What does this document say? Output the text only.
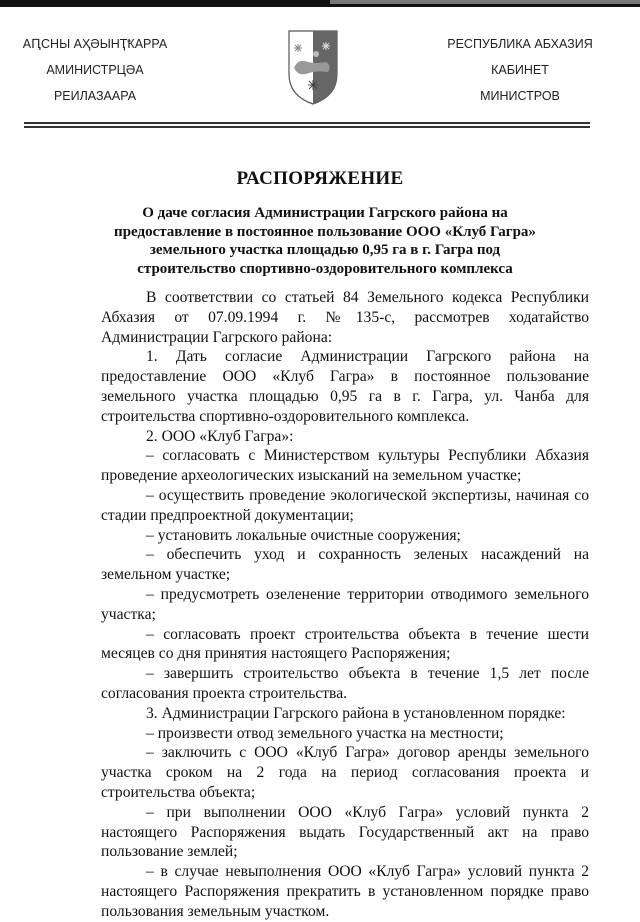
АԤСНЫ АҲӘЫНҬҞАРРА
АМИНИСТРЦӘА
РЕИЛАЗААРА
РЕСПУБЛИКА АБХАЗИЯ
КАБИНЕТ
МИНИСТРОВ
РАСПОРЯЖЕНИЕ
О даче согласия Администрации Гагрского района на предоставление в постоянное пользование ООО «Клуб Гагра» земельного участка площадью 0,95 га в г. Гагра под строительство спортивно-оздоровительного комплекса

В соответствии со статьей 84 Земельного кодекса Республики Абхазия от 07.09.1994 г. №135-с, рассмотрев ходатайство Администрации Гагрского района:

1. Дать согласие Администрации Гагрского района на предоставление ООО «Клуб Гагра» в постоянное пользование земельного участка площадью 0,95 га в г. Гагра, ул. Чанба для строительства спортивно-оздоровительного комплекса.

2. ООО «Клуб Гагра»:

– согласовать с Министерством культуры Республики Абхазия проведение археологических изысканий на земельном участке;

– осуществить проведение экологической экспертизы, начиная со стадии предпроектной документации;

– установить локальные очистные сооружения;

– обеспечить уход и сохранность зеленых насаждений на земельном участке;

– предусмотреть озеленение территории отводимого земельного участка;

– согласовать проект строительства объекта в течение шести месяцев со дня принятия настоящего Распоряжения;

– завершить строительство объекта в течение 1,5 лет после согласования проекта строительства.

3. Администрации Гагрского района в установленном порядке:

– произвести отвод земельного участка на местности;

– заключить с ООО «Клуб Гагра» договор аренды земельного участка сроком на 2 года на период согласования проекта и строительства объекта;

– при выполнении ООО «Клуб Гагра» условий пункта 2 настоящего Распоряжения выдать Государственный акт на право пользование землей;

– в случае невыполнения ООО «Клуб Гагра» условий пункта 2 настоящего Распоряжения прекратить в установленном порядке право пользования земельным участком.
